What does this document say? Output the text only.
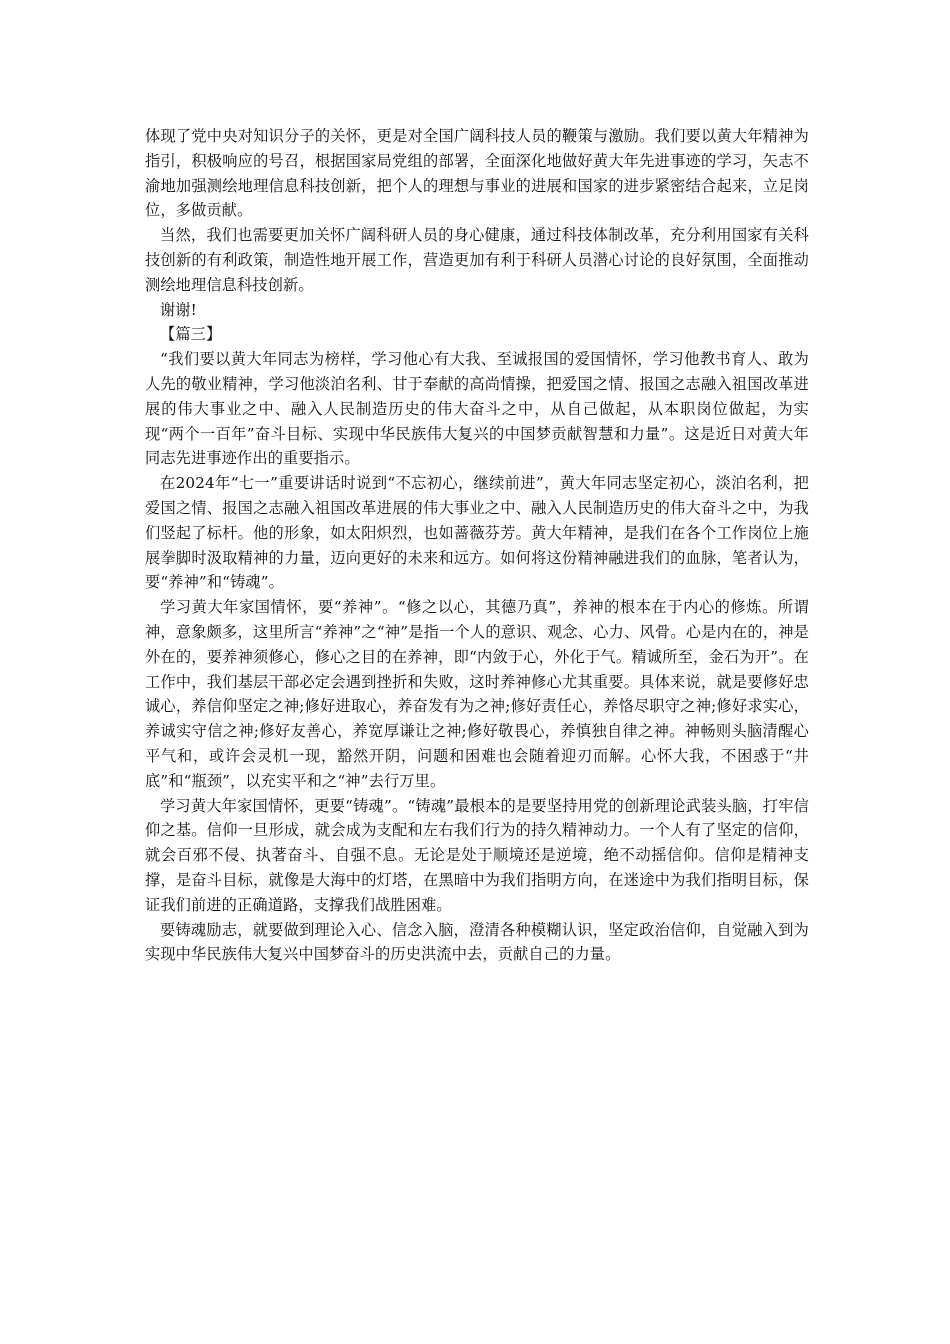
体现了党中央对知识分子的关怀，更是对全国广阔科技人员的鞭策与激励。我们要以黄大年精神为指引，积极响应的号召，根据国家局党组的部署，全面深化地做好黄大年先进事迹的学习，矢志不渝地加强测绘地理信息科技创新，把个人的理想与事业的进展和国家的进步紧密结合起来，立足岗位，多做贡献。

当然，我们也需要更加关怀广阔科研人员的身心健康，通过科技体制改革，充分利用国家有关科技创新的有利政策，制造性地开展工作，营造更加有利于科研人员潜心讨论的良好氛围，全面推动测绘地理信息科技创新。

谢谢!

【篇三】

“我们要以黄大年同志为榜样，学习他心有大我、至诚报国的爱国情怀，学习他教书育人、敢为人先的敬业精神，学习他淡泊名利、甘于奉献的高尚情操，把爱国之情、报国之志融入祖国改革进展的伟大事业之中、融入人民制造历史的伟大奋斗之中，从自己做起，从本职岗位做起，为实现“两个一百年”奋斗目标、实现中华民族伟大复兴的中国梦贡献智慧和力量”。这是近日对黄大年同志先进事迹作出的重要指示。

在2024年“七一”重要讲话时说到“不忘初心，继续前进”，黄大年同志坚定初心，淡泊名利，把爱国之情、报国之志融入祖国改革进展的伟大事业之中、融入人民制造历史的伟大奋斗之中，为我们竖起了标杆。他的形象，如太阳炽烈，也如蔷薇芬芳。黄大年精神，是我们在各个工作岗位上施展拳脚时汲取精神的力量，迈向更好的未来和远方。如何将这份精神融进我们的血脉，笔者认为，要“养神”和“铸魂”。

学习黄大年家国情怀，要“养神”。“修之以心，其德乃真”，养神的根本在于内心的修炼。所谓神，意象颇多，这里所言“养神”之“神”是指一个人的意识、观念、心力、风骨。心是内在的，神是外在的，要养神须修心，修心之目的在养神，即“内敛于心，外化于气。精诚所至，金石为开”。在工作中，我们基层干部必定会遇到挫折和失败，这时养神修心尤其重要。具体来说，就是要修好忠诚心，养信仰坚定之神;修好进取心，养奋发有为之神;修好责任心，养恪尽职守之神;修好求实心，养诚实守信之神;修好友善心，养宽厚谦让之神;修好敬畏心，养慎独自律之神。神畅则头脑清醒心平气和，或许会灵机一现，豁然开阴，问题和困难也会随着迎刃而解。心怀大我，不困惑于“井底”和“瓶颈”，以充实平和之“神”去行万里。

学习黄大年家国情怀，更要“铸魂”。“铸魂”最根本的是要坚持用党的创新理论武装头脑，打牢信仰之基。信仰一旦形成，就会成为支配和左右我们行为的持久精神动力。一个人有了坚定的信仰，就会百邪不侵、执著奋斗、自强不息。无论是处于顺境还是逆境，绝不动摇信仰。信仰是精神支撑，是奋斗目标，就像是大海中的灯塔，在黑暗中为我们指明方向，在迷途中为我们指明目标，保证我们前进的正确道路，支撑我们战胜困难。

要铸魂励志，就要做到理论入心、信念入脑，澄清各种模糊认识，坚定政治信仰，自觉融入到为实现中华民族伟大复兴中国梦奋斗的历史洪流中去，贡献自己的力量。
